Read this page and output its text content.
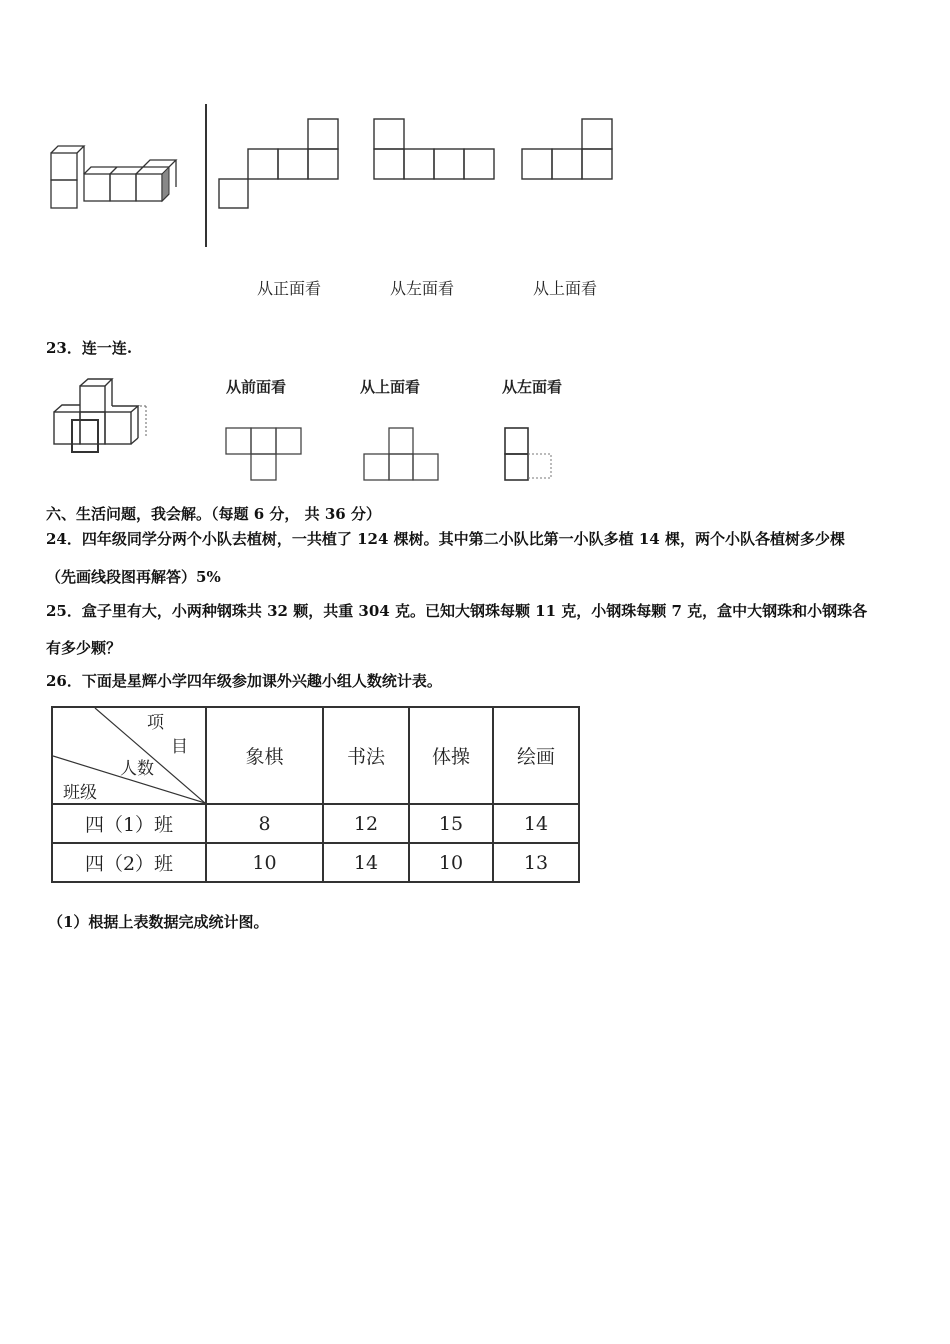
从正面看	从左面看	从上面看
23．连一连.
从前面看	从上面看	从左面看
六、生活问题，我会解。（每题 6 分， 共 36 分）
24．四年级同学分两个小队去植树，一共植了 124 棵树。其中第二小队比第一小队多植 14 棵，两个小队各植树多少棵
（先画线段图再解答）5%
25．盒子里有大，小两种钢珠共 32 颗，共重 304 克。已知大钢珠每颗 11 克，小钢珠每颗 7 克，盒中大钢珠和小钢珠各
有多少颗？
26．下面是星辉小学四年级参加课外兴趣小组人数统计表。
项
目
人数
班级	象棋	书法	体操	绘画
四（1）班	8	12	15	14
四（2）班	10	14	10	13
（1）根据上表数据完成统计图。
